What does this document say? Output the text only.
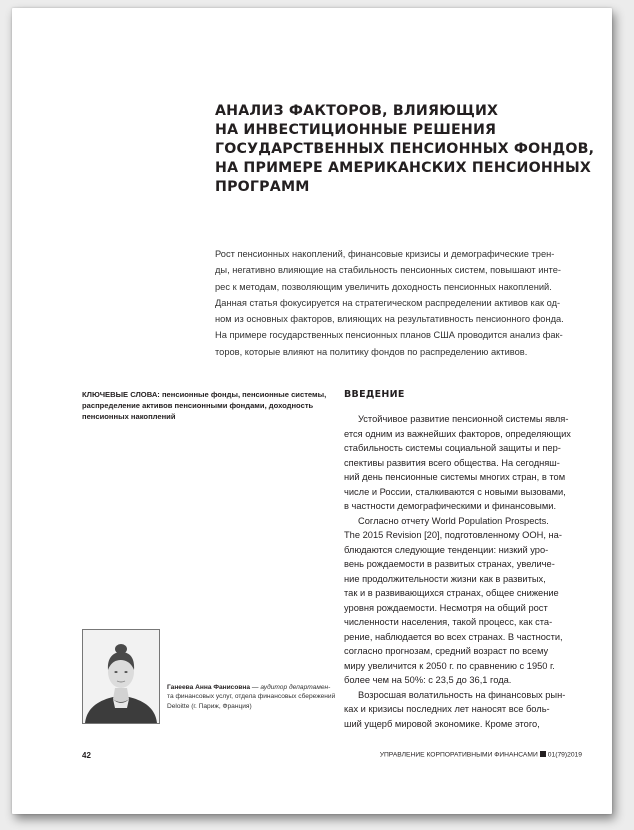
АНАЛИЗ ФАКТОРОВ, ВЛИЯЮЩИХ
НА ИНВЕСТИЦИОННЫЕ РЕШЕНИЯ
ГОСУДАРСТВЕННЫХ ПЕНСИОННЫХ ФОНДОВ,
НА ПРИМЕРЕ АМЕРИКАНСКИХ ПЕНСИОННЫХ
ПРОГРАММ
Рост пенсионных накоплений, финансовые кризисы и демографические трен-
ды, негативно влияющие на стабильность пенсионных систем, повышают инте-
рес к методам, позволяющим увеличить доходность пенсионных накоплений.
Данная статья фокусируется на стратегическом распределении активов как од-
ном из основных факторов, влияющих на результативность пенсионного фонда.
На примере государственных пенсионных планов США проводится анализ фак-
торов, которые влияют на политику фондов по распределению активов.
КЛЮЧЕВЫЕ СЛОВА: пенсионные фонды, пенсионные системы,
распределение активов пенсионными фондами, доходность
пенсионных накоплений
ВВЕДЕНИЕ
Устойчивое развитие пенсионной системы явля-
ется одним из важнейших факторов, определяющих
стабильность системы социальной защиты и пер-
спективы развития всего общества. На сегодняш-
ний день пенсионные системы многих стран, в том
числе и России, сталкиваются с новыми вызовами,
в частности демографическими и финансовыми.
Согласно отчету World Population Prospects.
The 2015 Revision [20], подготовленному ООН, на-
блюдаются следующие тенденции: низкий уро-
вень рождаемости в развитых странах, увеличе-
ние продолжительности жизни как в развитых,
так и в развивающихся странах, общее снижение
уровня рождаемости. Несмотря на общий рост
численности населения, такой процесс, как ста-
рение, наблюдается во всех странах. В частности,
согласно прогнозам, средний возраст по всему
миру увеличится к 2050 г. по сравнению с 1950 г.
более чем на 50%: с 23,5 до 36,1 года.
Возросшая волатильность на финансовых рын-
ках и кризисы последних лет наносят все боль-
ший ущерб мировой экономике. Кроме этого,
Ганеева Анна Фанисовна — аудитор департамен-
та финансовых услуг, отдела финансовых сбережений
Deloitte (г. Париж, Франция)
42	УПРАВЛЕНИЕ КОРПОРАТИВНЫМИ ФИНАНСАМИ 01(79)2019
